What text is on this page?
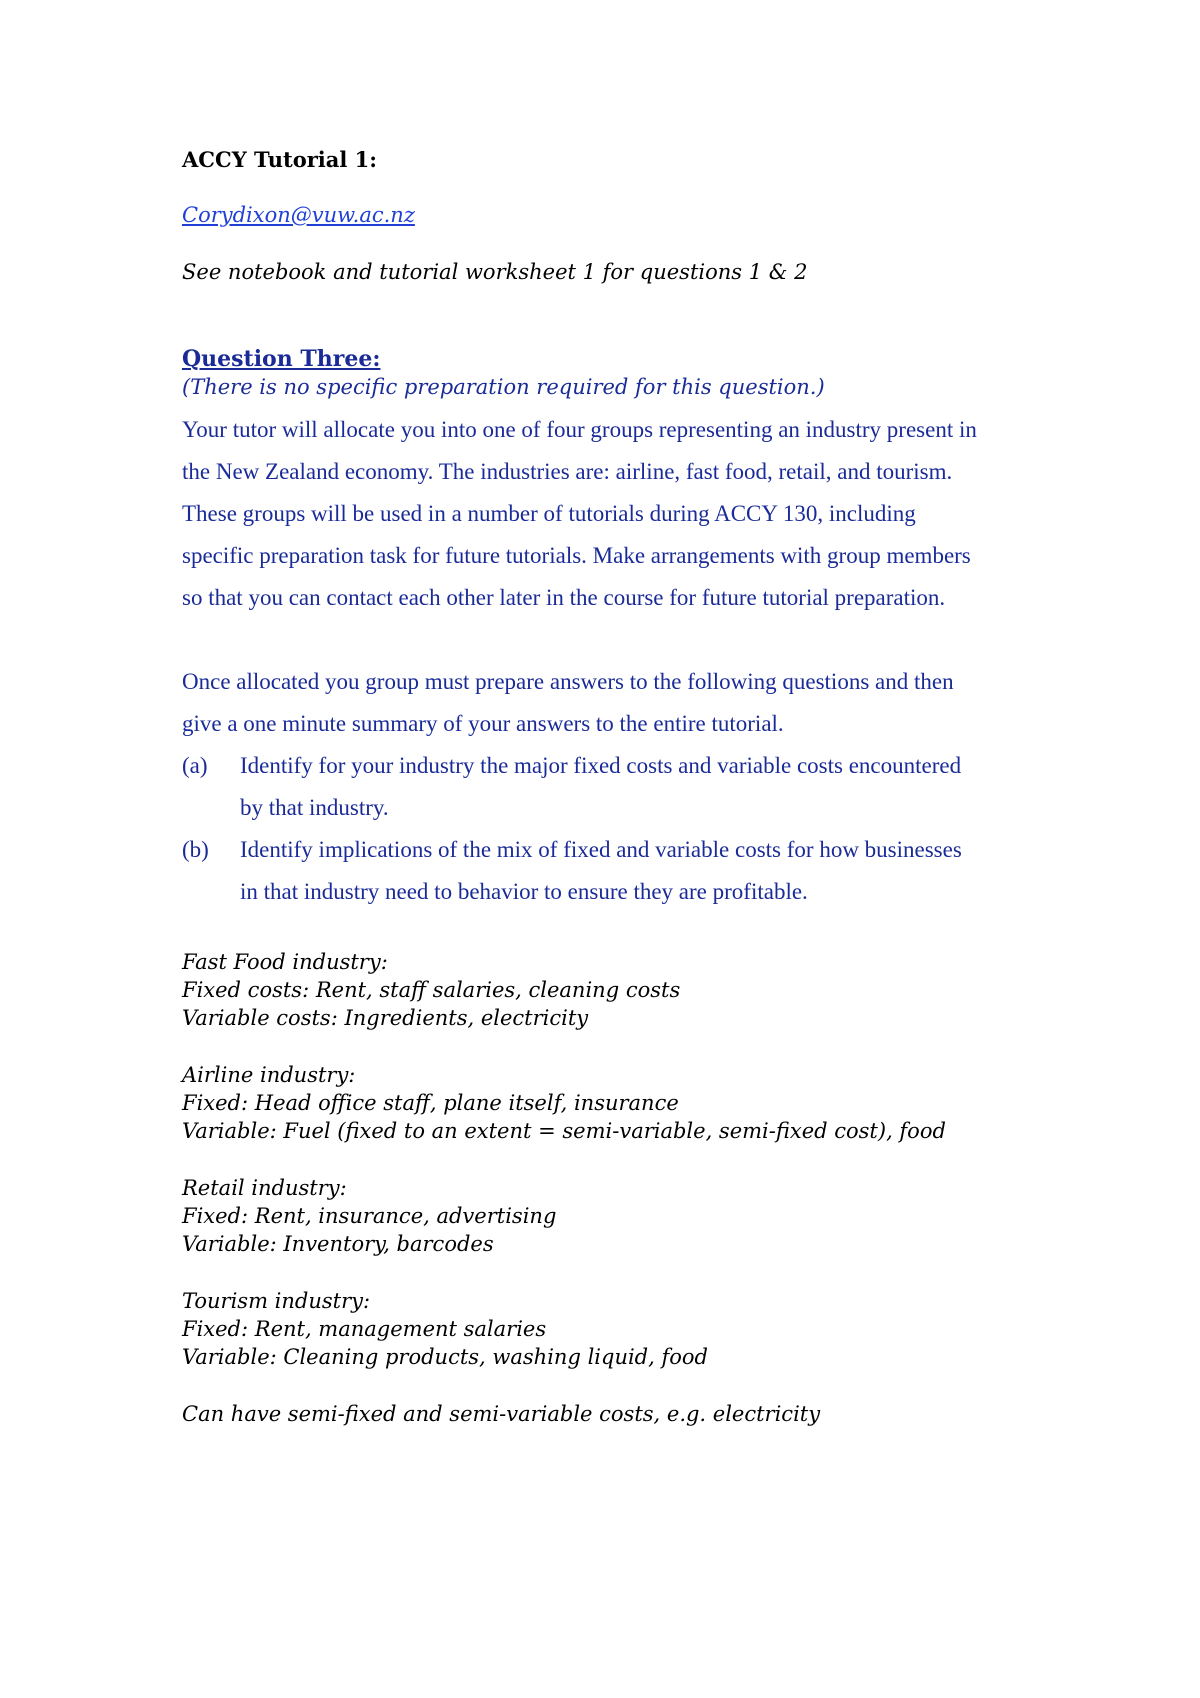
ACCY Tutorial 1:
Corydixon@vuw.ac.nz
See notebook and tutorial worksheet 1 for questions 1 & 2
Question Three:
(There is no specific preparation required for this question.)
Your tutor will allocate you into one of four groups representing an industry present in
the New Zealand economy. The industries are: airline, fast food, retail, and tourism.
These groups will be used in a number of tutorials during ACCY 130, including
specific preparation task for future tutorials. Make arrangements with group members
so that you can contact each other later in the course for future tutorial preparation.
Once allocated you group must prepare answers to the following questions and then
give a one minute summary of your answers to the entire tutorial.
(a) Identify for your industry the major fixed costs and variable costs encountered
by that industry.
(b) Identify implications of the mix of fixed and variable costs for how businesses
in that industry need to behavior to ensure they are profitable.
Fast Food industry:
Fixed costs: Rent, staff salaries, cleaning costs
Variable costs: Ingredients, electricity
Airline industry:
Fixed: Head office staff, plane itself, insurance
Variable: Fuel (fixed to an extent = semi-variable, semi-fixed cost), food
Retail industry:
Fixed: Rent, insurance, advertising
Variable: Inventory, barcodes
Tourism industry:
Fixed: Rent, management salaries
Variable: Cleaning products, washing liquid, food
Can have semi-fixed and semi-variable costs, e.g. electricity
